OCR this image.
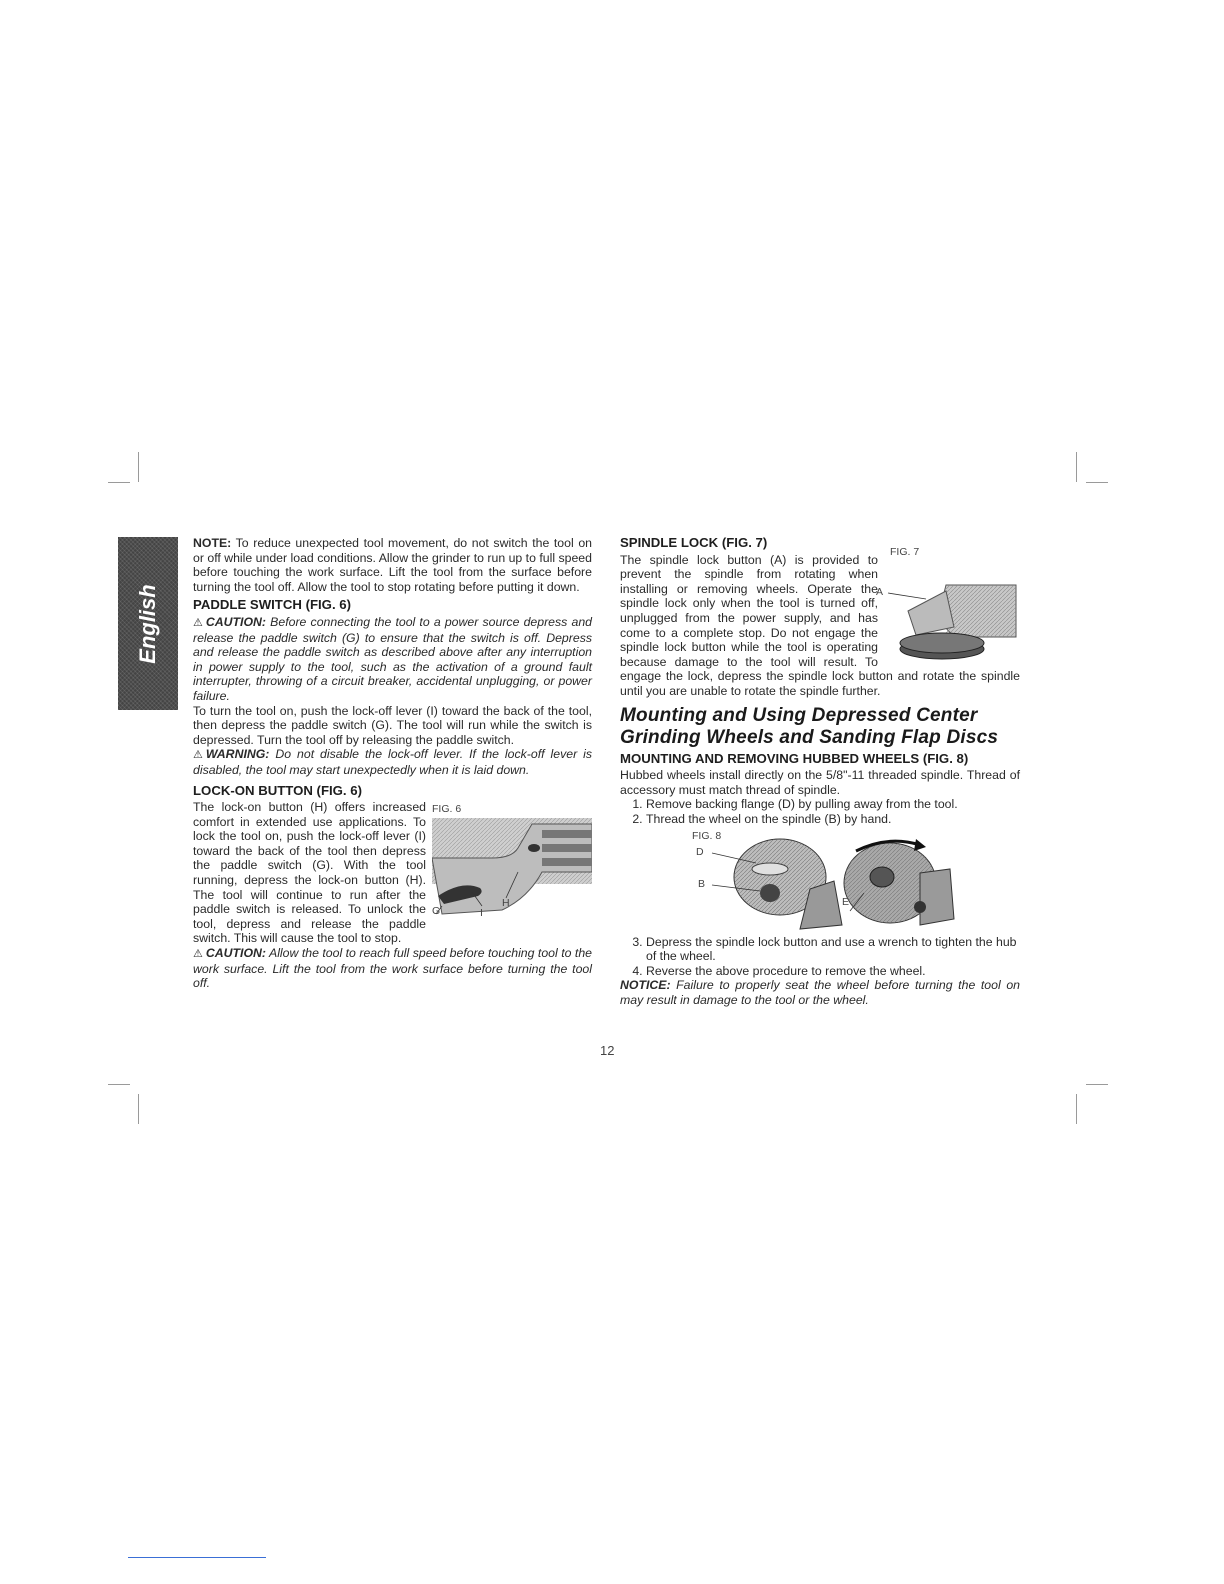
English

NOTE: To reduce unexpected tool movement, do not switch the tool on or off while under load conditions. Allow the grinder to run up to full speed before touching the work surface. Lift the tool from the surface before turning the tool off. Allow the tool to stop rotating before putting it down.

PADDLE SWITCH (FIG. 6)

⚠ CAUTION: Before connecting the tool to a power source depress and release the paddle switch (G) to ensure that the switch is off. Depress and release the paddle switch as described above after any interruption in power supply to the tool, such as the activation of a ground fault interrupter, throwing of a circuit breaker, accidental unplugging, or power failure.

To turn the tool on, push the lock-off lever (I) toward the back of the tool, then depress the paddle switch (G). The tool will run while the switch is depressed. Turn the tool off by releasing the paddle switch.

⚠ WARNING: Do not disable the lock-off lever. If the lock-off lever is disabled, the tool may start unexpectedly when it is laid down.

LOCK-ON BUTTON (FIG. 6)
FIG. 6
G	I
H

The lock-on button (H) offers increased comfort in extended use applications. To lock the tool on, push the lock-off lever (I) toward the back of the tool then depress the paddle switch (G). With the tool running, depress the lock-on button (H). The tool will continue to run after the paddle switch is released. To unlock the tool, depress and release the paddle switch. This will cause the tool to stop.

⚠ CAUTION: Allow the tool to reach full speed before touching tool to the work surface. Lift the tool from the work surface before turning the tool off.

SPINDLE LOCK (FIG. 7)
FIG. 7
A

The spindle lock button (A) is provided to prevent the spindle from rotating when installing or removing wheels. Operate the spindle lock only when the tool is turned off, unplugged from the power supply, and has come to a complete stop. Do not engage the spindle lock button while the tool is operating because damage to the tool will result. To engage the lock, depress the spindle lock button and rotate the spindle until you are unable to rotate the spindle further.

Mounting and Using Depressed Center
Grinding Wheels and Sanding Flap Discs
MOUNTING AND REMOVING HUBBED WHEELS (FIG. 8)

Hubbed wheels install directly on the 5/8"-11 threaded spindle. Thread of accessory must match thread of spindle.

1. Remove backing flange (D) by pulling away from the tool.
2. Thread the wheel on the spindle (B) by hand.
FIG. 8
D
B
E
3. Depress the spindle lock button and use a wrench to tighten the hub of the wheel.
4. Reverse the above procedure to remove the wheel.

NOTICE: Failure to properly seat the wheel before turning the tool on may result in damage to the tool or the wheel.

12
